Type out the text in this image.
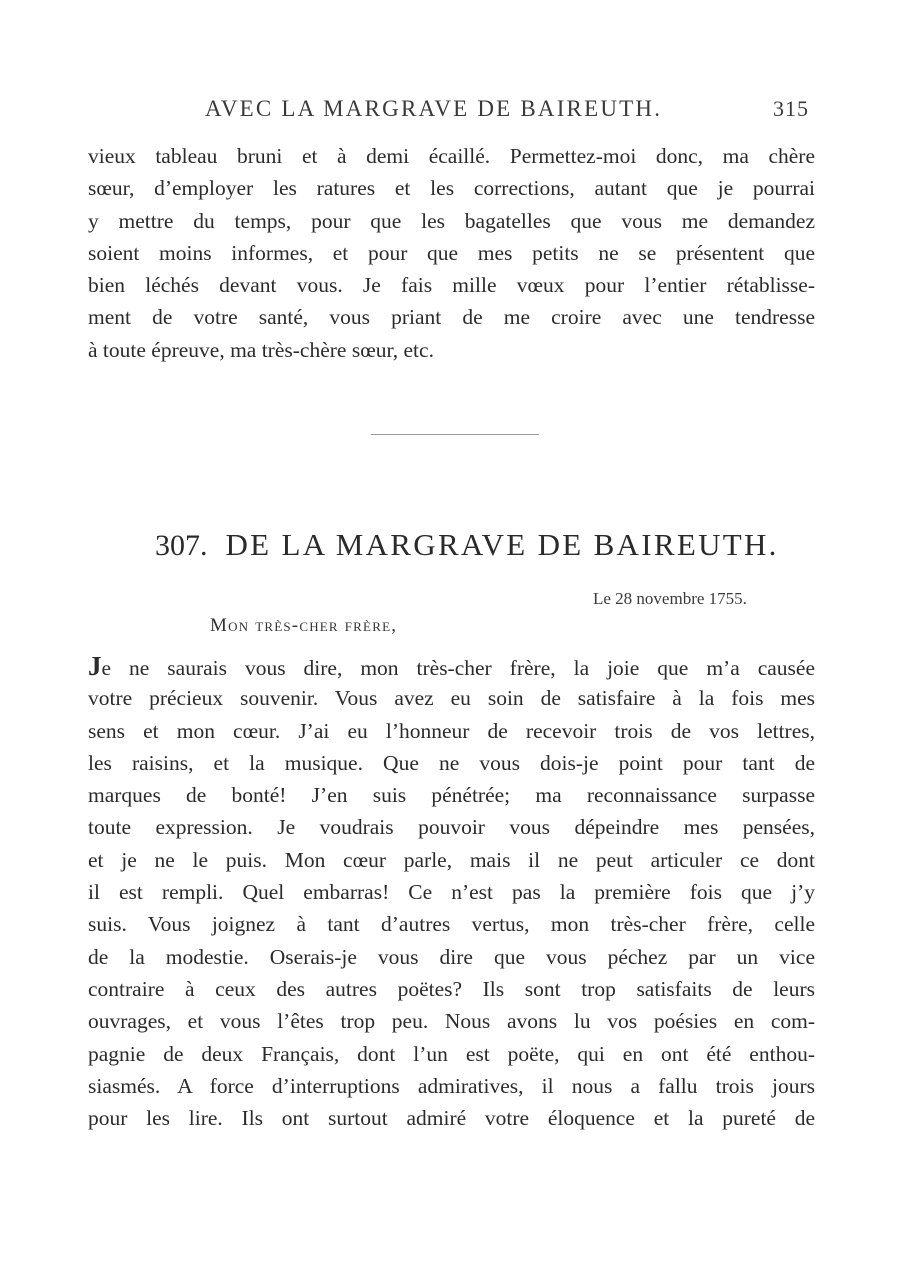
AVEC LA MARGRAVE DE BAIREUTH.	315
vieux tableau bruni et à demi écaillé. Permettez-moi donc, ma chère
sœur, d’employer les ratures et les corrections, autant que je pourrai
y mettre du temps, pour que les bagatelles que vous me demandez
soient moins informes, et pour que mes petits ne se présentent que
bien léchés devant vous. Je fais mille vœux pour l’entier rétablisse-
ment de votre santé, vous priant de me croire avec une tendresse
à toute épreuve, ma très-chère sœur, etc.
307. DE LA MARGRAVE DE BAIREUTH.
Le 28 novembre 1755.
Mon très-cher frère,
Je ne saurais vous dire, mon très-cher frère, la joie que m’a causée
votre précieux souvenir. Vous avez eu soin de satisfaire à la fois mes
sens et mon cœur. J’ai eu l’honneur de recevoir trois de vos lettres,
les raisins, et la musique. Que ne vous dois-je point pour tant de
marques de bonté! J’en suis pénétrée; ma reconnaissance surpasse
toute expression. Je voudrais pouvoir vous dépeindre mes pensées,
et je ne le puis. Mon cœur parle, mais il ne peut articuler ce dont
il est rempli. Quel embarras! Ce n’est pas la première fois que j’y
suis. Vous joignez à tant d’autres vertus, mon très-cher frère, celle
de la modestie. Oserais-je vous dire que vous péchez par un vice
contraire à ceux des autres poëtes? Ils sont trop satisfaits de leurs
ouvrages, et vous l’êtes trop peu. Nous avons lu vos poésies en com-
pagnie de deux Français, dont l’un est poëte, qui en ont été enthou-
siasmés. A force d’interruptions admiratives, il nous a fallu trois jours
pour les lire. Ils ont surtout admiré votre éloquence et la pureté de
